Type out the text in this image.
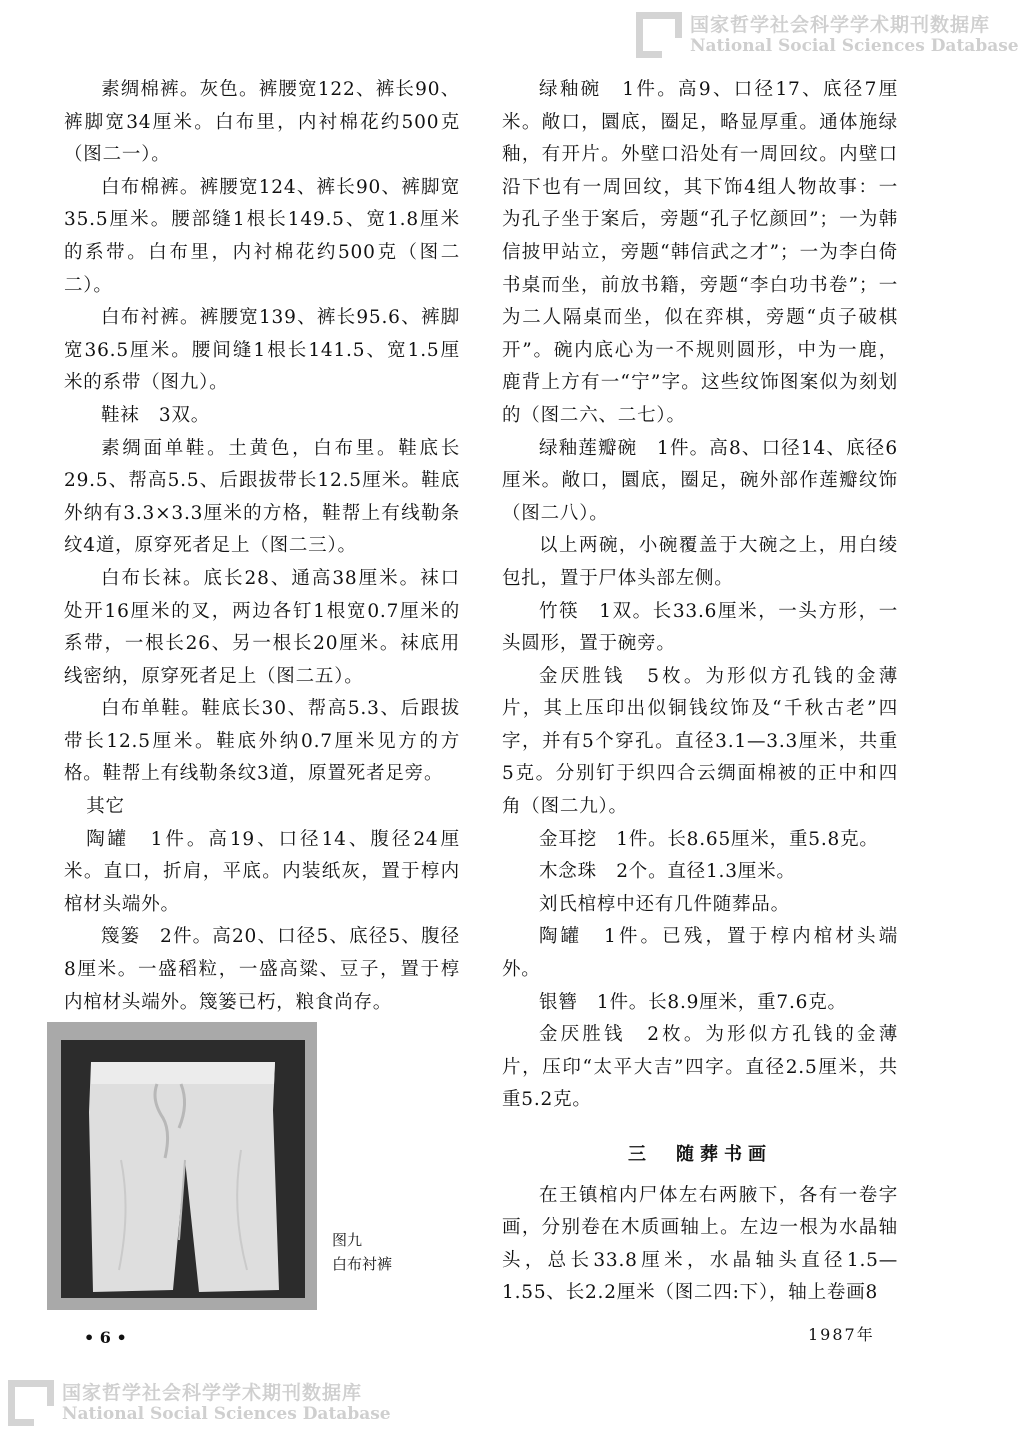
国家哲学社会科学学术期刊数据库
National Social Sciences Database

素绸棉裤。灰色。裤腰宽122、裤长90、裤脚宽34厘米。白布里，内衬棉花约500克（图二一）。

白布棉裤。裤腰宽124、裤长90、裤脚宽35.5厘米。腰部缝1根长149.5、宽1.8厘米的系带。白布里，内衬棉花约500克（图二二）。

白布衬裤。裤腰宽139、裤长95.6、裤脚宽36.5厘米。腰间缝1根长141.5、宽1.5厘米的系带（图九）。

鞋袜　3双。

素绸面单鞋。土黄色，白布里。鞋底长29.5、帮高5.5、后跟拔带长12.5厘米。鞋底外纳有3.3×3.3厘米的方格，鞋帮上有线勒条纹4道，原穿死者足上（图二三）。

白布长袜。底长28、通高38厘米。袜口处开16厘米的叉，两边各钉1根宽0.7厘米的系带，一根长26、另一根长20厘米。袜底用线密纳，原穿死者足上（图二五）。

白布单鞋。鞋底长30、帮高5.3、后跟拔带长12.5厘米。鞋底外纳0.7厘米见方的方格。鞋帮上有线勒条纹3道，原置死者足旁。

其它

陶罐　1件。高19、口径14、腹径24厘米。直口，折肩，平底。内装纸灰，置于椁内棺材头端外。

篾篓　2件。高20、口径5、底径5、腹径8厘米。一盛稻粒，一盛高粱、豆子，置于椁内棺材头端外。篾篓已朽，粮食尚存。

绿釉碗　1件。高9、口径17、底径7厘米。敞口，圜底，圈足，略显厚重。通体施绿釉，有开片。外壁口沿处有一周回纹。内壁口沿下也有一周回纹，其下饰4组人物故事：一为孔子坐于案后，旁题“孔子忆颜回”；一为韩信披甲站立，旁题“韩信武之才”；一为李白倚书桌而坐，前放书籍，旁题“李白功书卷”；一为二人隔桌而坐，似在弈棋，旁题“贞子破棋开”。碗内底心为一不规则圆形，中为一鹿，鹿背上方有一“宁”字。这些纹饰图案似为刻划的（图二六、二七）。

绿釉莲瓣碗　1件。高8、口径14、底径6厘米。敞口，圜底，圈足，碗外部作莲瓣纹饰（图二八）。

以上两碗，小碗覆盖于大碗之上，用白绫包扎，置于尸体头部左侧。

竹筷　1双。长33.6厘米，一头方形，一头圆形，置于碗旁。

金厌胜钱　5枚。为形似方孔钱的金薄片，其上压印出似铜钱纹饰及“千秋古老”四字，并有5个穿孔。直径3.1—3.3厘米，共重5克。分别钉于织四合云绸面棉被的正中和四角（图二九）。

金耳挖　1件。长8.65厘米，重5.8克。

木念珠　2个。直径1.3厘米。

刘氏棺椁中还有几件随葬品。

陶罐　1件。已残，置于椁内棺材头端外。

银簪　1件。长8.9厘米，重7.6克。

金厌胜钱　2枚。为形似方孔钱的金薄片，压印“太平大吉”四字。直径2.5厘米，共重5.2克。

三　随葬书画

在王镇棺内尸体左右两腋下，各有一卷字画，分别卷在木质画轴上。左边一根为水晶轴头，总长33.8厘米，水晶轴头直径1.5—1.55、长2.2厘米（图二四:下），轴上卷画8

图九
白布衬裤
• 6 •	1987年
国家哲学社会科学学术期刊数据库
National Social Sciences Database
